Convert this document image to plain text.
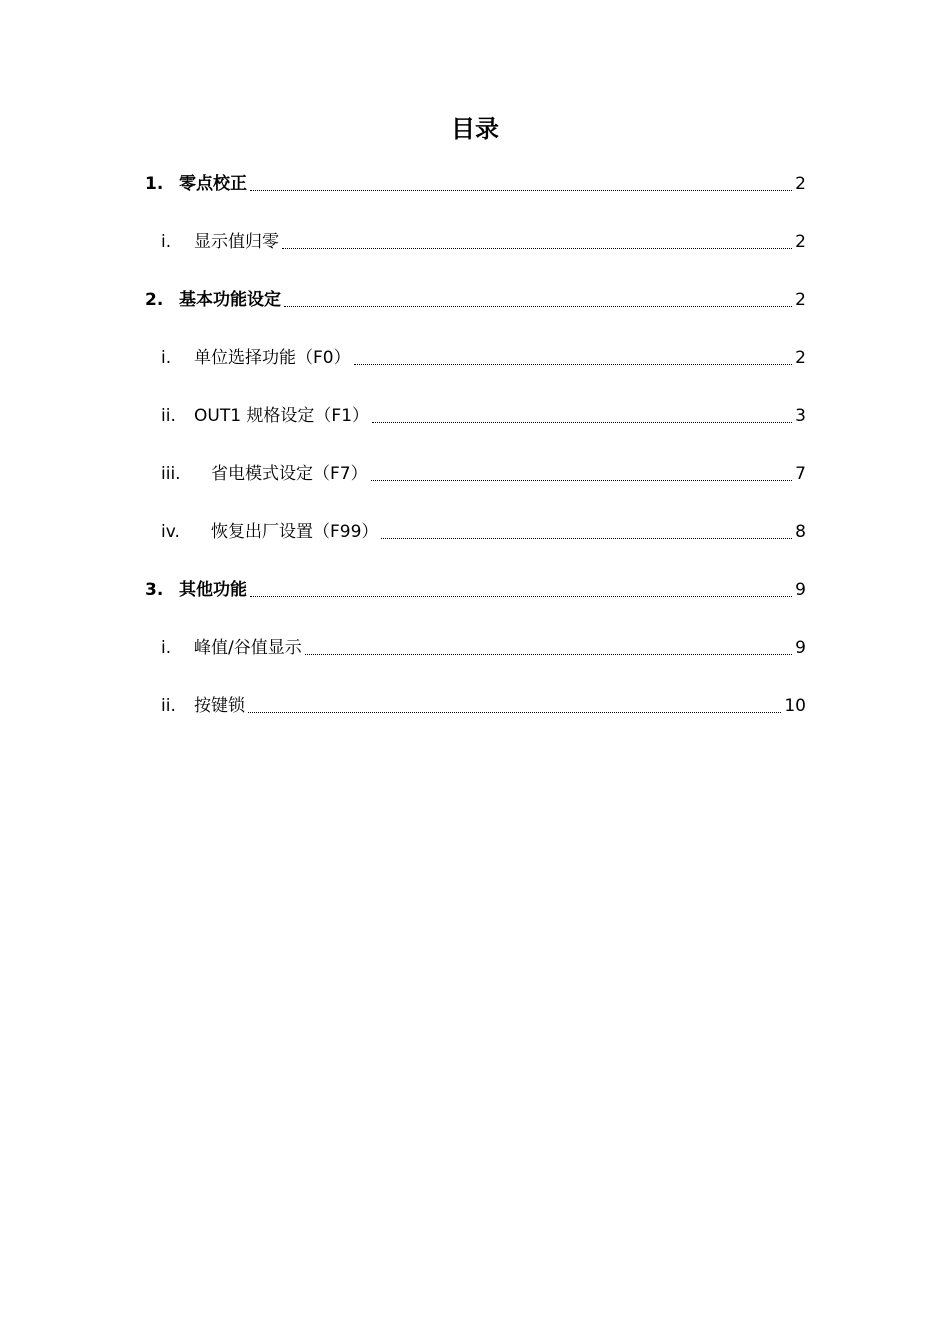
目录
1. 零点校正	2
i.	显示值归零	2
2. 基本功能设定	2
i.	单位选择功能（F0）	2
ii.	OUT1 规格设定（F1）	3
iii.	省电模式设定（F7）	7
iv.	恢复出厂设置（F99）	8
3. 其他功能	9
i.	峰值/谷值显示	9
ii.	按键锁	10
